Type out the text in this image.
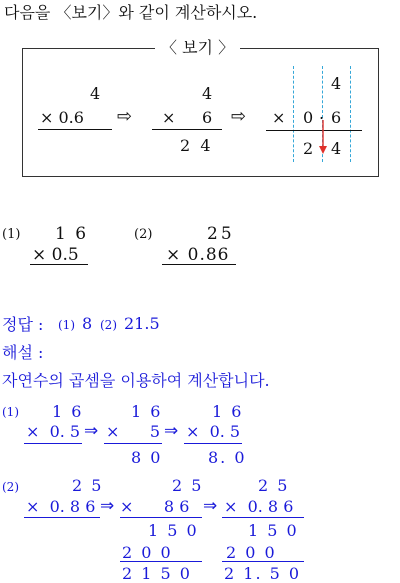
다음을 〈보기〉와 같이 계산하시오.
〈 보기 〉
4
× 0.6 ⇨
4
× 6
2  4
⇨
4
× 0 . 6
2 4
(1) 1 6
× 0.5
(2)	25
× 0.86
정답 : (1) 8 (2) 21.5
해설 :
자연수의 곱셈을 이용하여 계산합니다.
(1) 1 6
×  0. 5 ⇒
1 6
×      5
8 0
⇒
1 6
×  0. 5
8. 0
(2)	2 5
×  0. 8 6 ⇒
2 5
×      8 6
1 5 0
2 0 0
2 1 5 0
⇒
2 5
×  0. 8 6
1 5 0
2 0 0
2 1. 5 0
